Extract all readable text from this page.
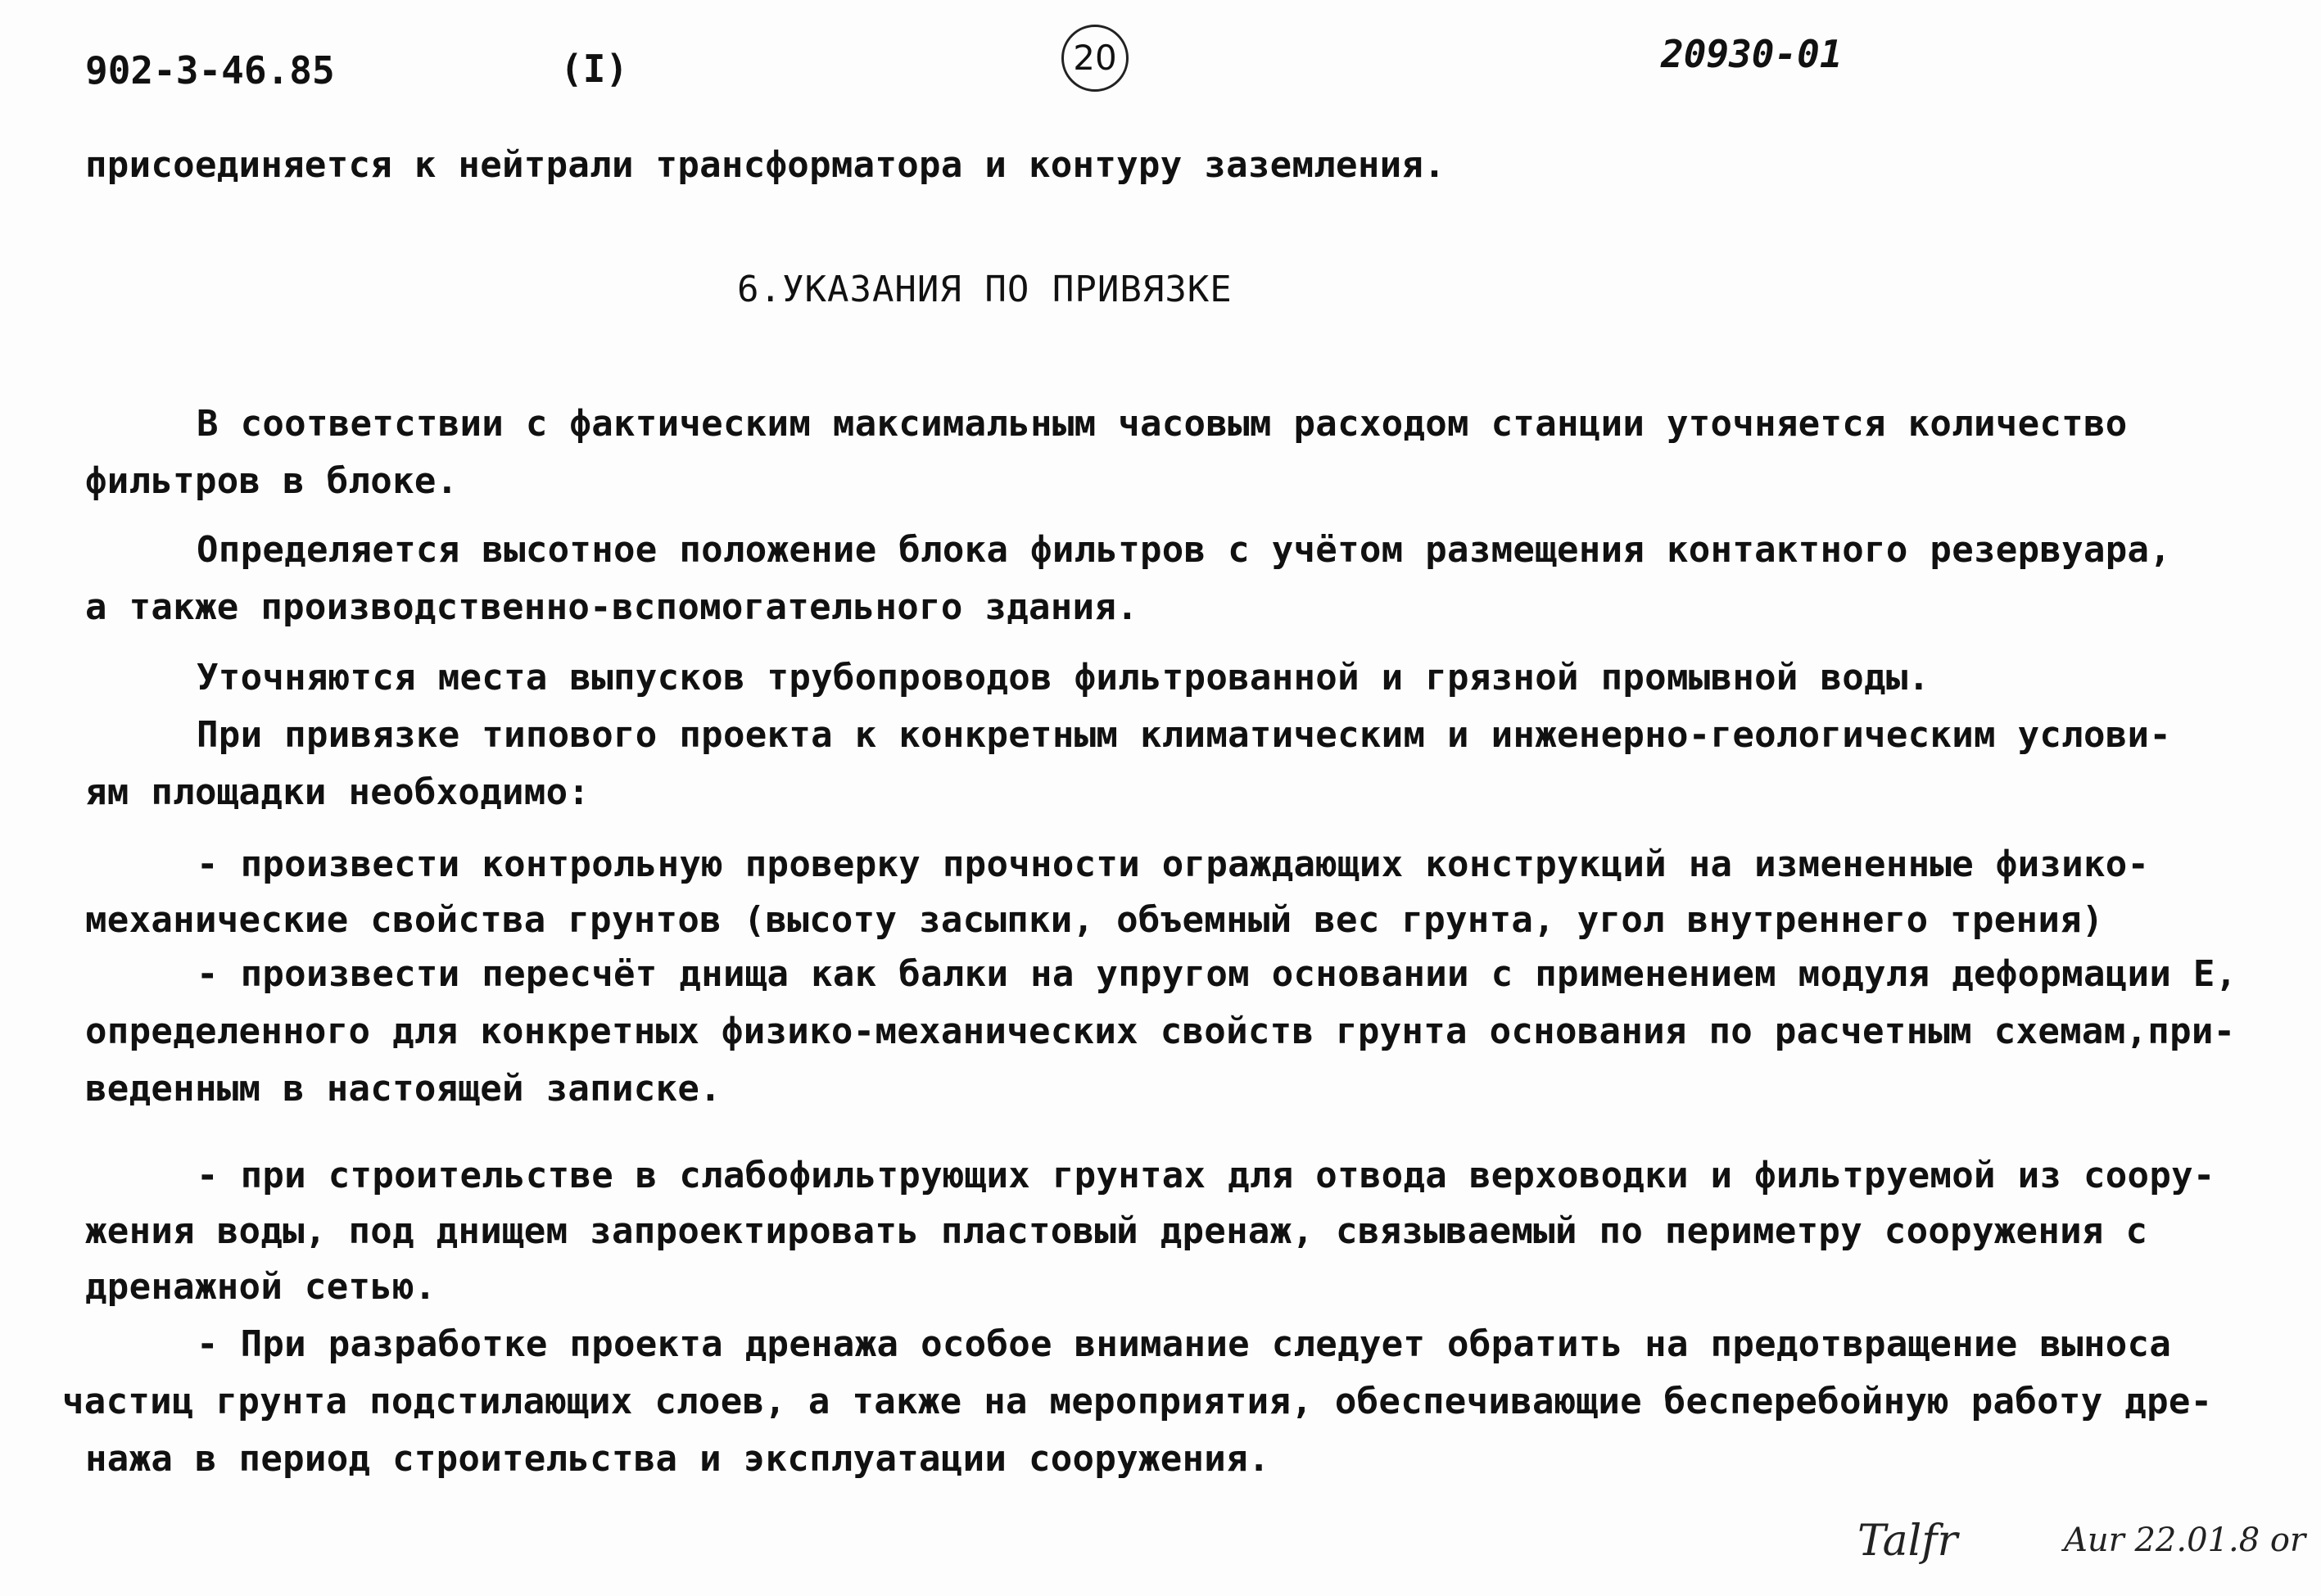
902-3-46.85	(I)	20	20930-01
присоединяется к нейтрали трансформатора и контуру заземления.
6.УКАЗАНИЯ ПО ПРИВЯЗКЕ
В соответствии с фактическим максимальным часовым расходом станции уточняется количество
фильтров в блоке.
Определяется высотное положение блока фильтров с учётом размещения контактного резервуара,
а также производственно-вспомогательного здания.
Уточняются места выпусков трубопроводов фильтрованной и грязной промывной воды.
При привязке типового проекта к конкретным климатическим и инженерно-геологическим услови-
ям площадки необходимо:
- произвести контрольную проверку прочности ограждающих конструкций на измененные физико-
механические свойства грунтов (высоту засыпки, объемный вес грунта, угол внутреннего трения)
- произвести пересчёт днища как балки на упругом основании с применением модуля деформации Е,
определенного для конкретных физико-механических свойств грунта основания по расчетным схемам,при-
веденным в настоящей записке.
- при строительстве в слабофильтрующих грунтах для отвода верховодки и фильтруемой из соору-
жения воды, под днищем запроектировать пластовый дренаж, связываемый по периметру сооружения с
дренажной сетью.
- При разработке проекта дренажа особое внимание следует обратить на предотвращение выноса
частиц грунта подстилающих слоев, а также на мероприятия, обеспечивающие бесперебойную работу дре-
нажа в период строительства и эксплуатации сооружения.
Talfr	Aur 22.01.8 or
